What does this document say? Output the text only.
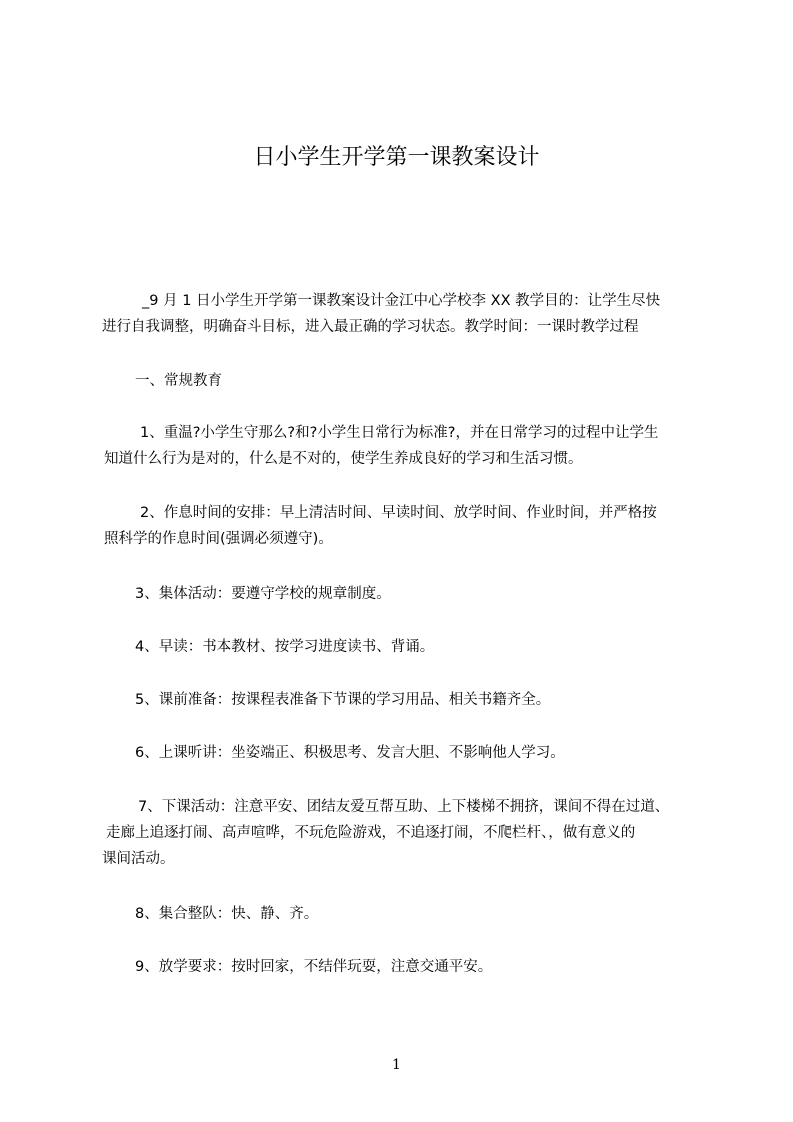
日小学生开学第一课教案设计
_9 月 1 日小学生开学第一课教案设计金江中心学校李 XX 教学目的：让学生尽快
进行自我调整，明确奋斗目标，进入最正确的学习状态。教学时间：一课时教学过程
一、常规教育
1、重温?小学生守那么?和?小学生日常行为标准?，并在日常学习的过程中让学生
知道什么行为是对的，什么是不对的，使学生养成良好的学习和生活习惯。
2、作息时间的安排：早上清洁时间、早读时间、放学时间、作业时间，并严格按
照科学的作息时间(强调必须遵守)。
3、集体活动：要遵守学校的规章制度。
4、早读：书本教材、按学习进度读书、背诵。
5、课前准备：按课程表准备下节课的学习用品、相关书籍齐全。
6、上课听讲：坐姿端正、积极思考、发言大胆、不影响他人学习。
7、下课活动：注意平安、团结友爱互帮互助、上下楼梯不拥挤，课间不得在过道、
走廊上追逐打闹、高声喧哗，不玩危险游戏，不追逐打闹，不爬栏杆、，做有意义的
课间活动。
8、集合整队：快、静、齐。
9、放学要求：按时回家，不结伴玩耍，注意交通平安。
1
